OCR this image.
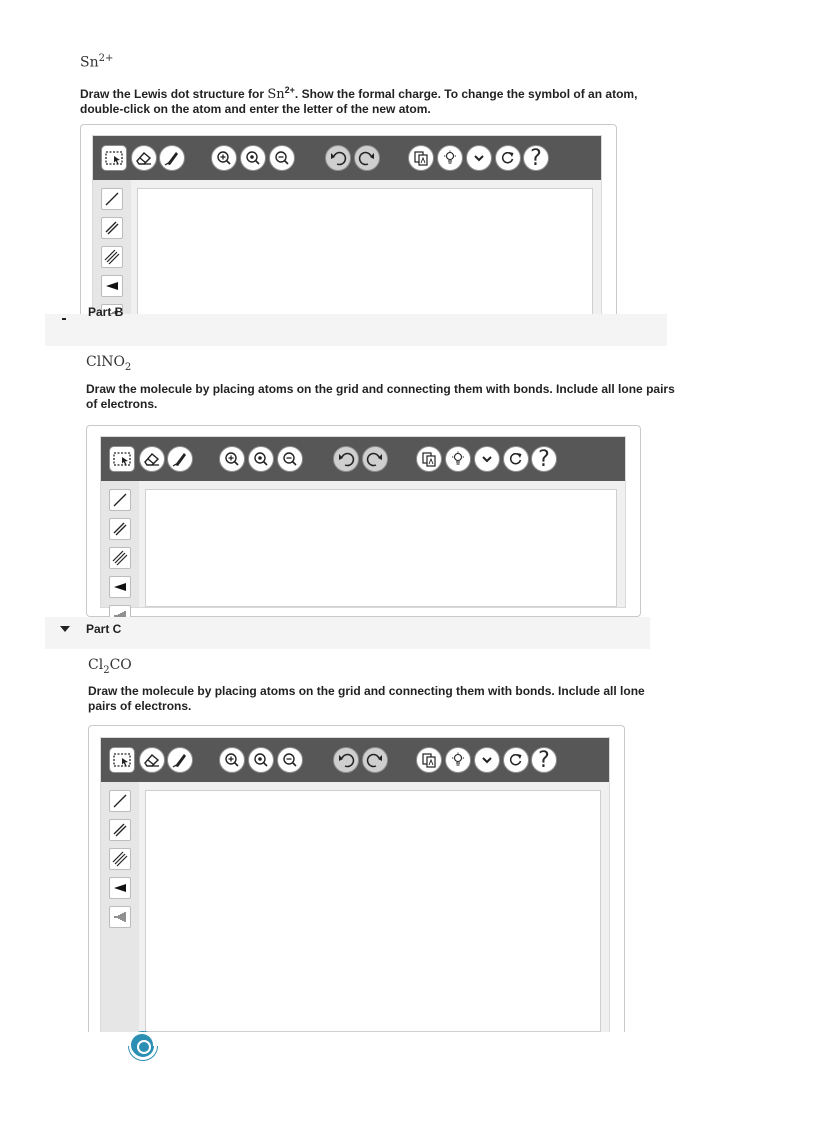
$Sn^{2+}$
Draw the Lewis dot structure for $Sn^{2+}$. Show the formal charge. To change the symbol of an atom, double-click on the atom and enter the letter of the new atom.
?
Part B
ClNO$_2$
Draw the molecule by placing atoms on the grid and connecting them with bonds. Include all lone pairs of electrons.
?
Part C
$Cl_2CO$
Draw the molecule by placing atoms on the grid and connecting them with bonds. Include all lone pairs of electrons.
?
